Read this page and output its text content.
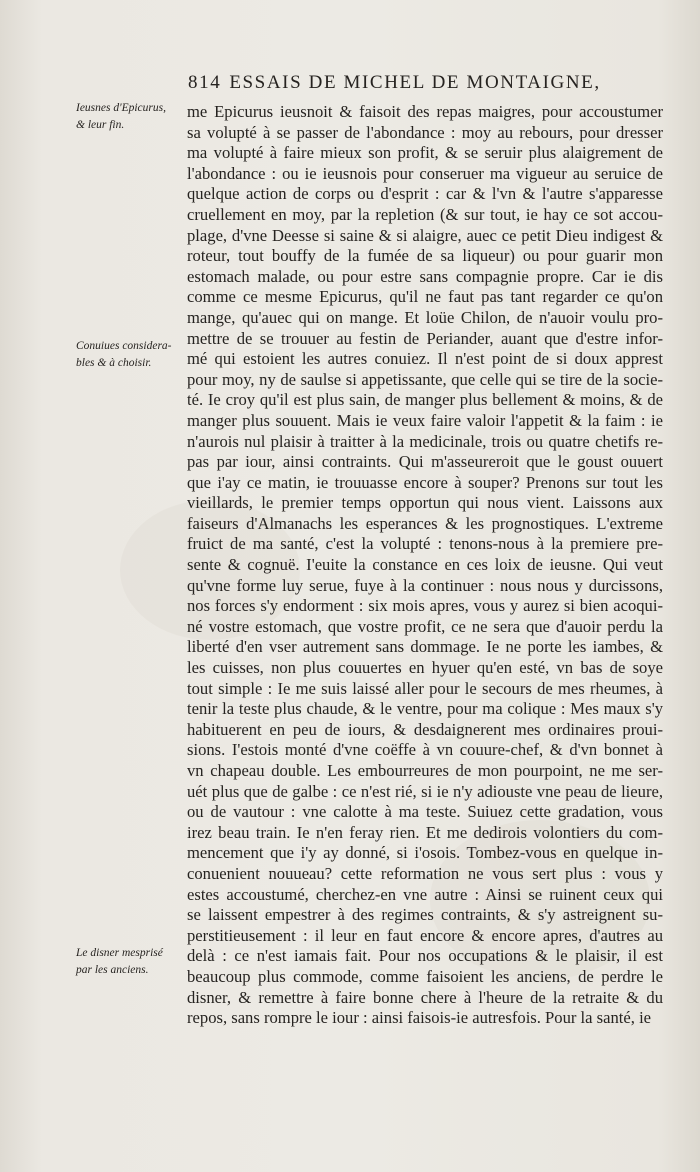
814 ESSAIS DE MICHEL DE MONTAIGNE,
Ieusnes d'Epicurus,
& leur fin.
Conuiues considera-
bles & à choisir.
Le disner mesprisé
par les anciens.
me Epicurus ieusnoit & faisoit des repas maigres, pour accoustumer
sa volupté à se passer de l'abondance : moy au rebours, pour dresser
ma volupté à faire mieux son profit, & se seruir plus alaigrement de
l'abondance : ou ie ieusnois pour conseruer ma vigueur au seruice de
quelque action de corps ou d'esprit : car & l'vn & l'autre s'apparesse
cruellement en moy, par la repletion (& sur tout, ie hay ce sot accou-
plage, d'vne Deesse si saine & si alaigre, auec ce petit Dieu indigest &
roteur, tout bouffy de la fumée de sa liqueur) ou pour guarir mon
estomach malade, ou pour estre sans compagnie propre. Car ie dis
comme ce mesme Epicurus, qu'il ne faut pas tant regarder ce qu'on
mange, qu'auec qui on mange. Et loüe Chilon, de n'auoir voulu pro-
mettre de se trouuer au festin de Periander, auant que d'estre infor-
mé qui estoient les autres conuiez. Il n'est point de si doux apprest
pour moy, ny de saulse si appetissante, que celle qui se tire de la socie-
té. Ie croy qu'il est plus sain, de manger plus bellement & moins, & de
manger plus souuent. Mais ie veux faire valoir l'appetit & la faim : ie
n'aurois nul plaisir à traitter à la medicinale, trois ou quatre chetifs re-
pas par iour, ainsi contraints. Qui m'asseureroit que le goust ouuert
que i'ay ce matin, ie trouuasse encore à souper? Prenons sur tout les
vieillards, le premier temps opportun qui nous vient. Laissons aux
faiseurs d'Almanachs les esperances & les prognostiques. L'extreme
fruict de ma santé, c'est la volupté : tenons-nous à la premiere pre-
sente & cognuë. I'euite la constance en ces loix de ieusne. Qui veut
qu'vne forme luy serue, fuye à la continuer : nous nous y durcissons,
nos forces s'y endorment : six mois apres, vous y aurez si bien acoqui-
né vostre estomach, que vostre profit, ce ne sera que d'auoir perdu la
liberté d'en vser autrement sans dommage. Ie ne porte les iambes, &
les cuisses, non plus couuertes en hyuer qu'en esté, vn bas de soye
tout simple : Ie me suis laissé aller pour le secours de mes rheumes, à
tenir la teste plus chaude, & le ventre, pour ma colique : Mes maux s'y
habituerent en peu de iours, & desdaignerent mes ordinaires proui-
sions. I'estois monté d'vne coëffe à vn couure-chef, & d'vn bonnet à
vn chapeau double. Les embourreures de mon pourpoint, ne me ser-
uét plus que de galbe : ce n'est rié, si ie n'y adiouste vne peau de lieure,
ou de vautour : vne calotte à ma teste. Suiuez cette gradation, vous
irez beau train. Ie n'en feray rien. Et me dedirois volontiers du com-
mencement que i'y ay donné, si i'osois. Tombez-vous en quelque in-
conuenient nouueau? cette reformation ne vous sert plus : vous y
estes accoustumé, cherchez-en vne autre : Ainsi se ruinent ceux qui
se laissent empestrer à des regimes contraints, & s'y astreignent su-
perstitieusement : il leur en faut encore & encore apres, d'autres au
delà : ce n'est iamais fait. Pour nos occupations & le plaisir, il est
beaucoup plus commode, comme faisoient les anciens, de perdre le
disner, & remettre à faire bonne chere à l'heure de la retraite & du
repos, sans rompre le iour : ainsi faisois-ie autresfois. Pour la santé, ie
